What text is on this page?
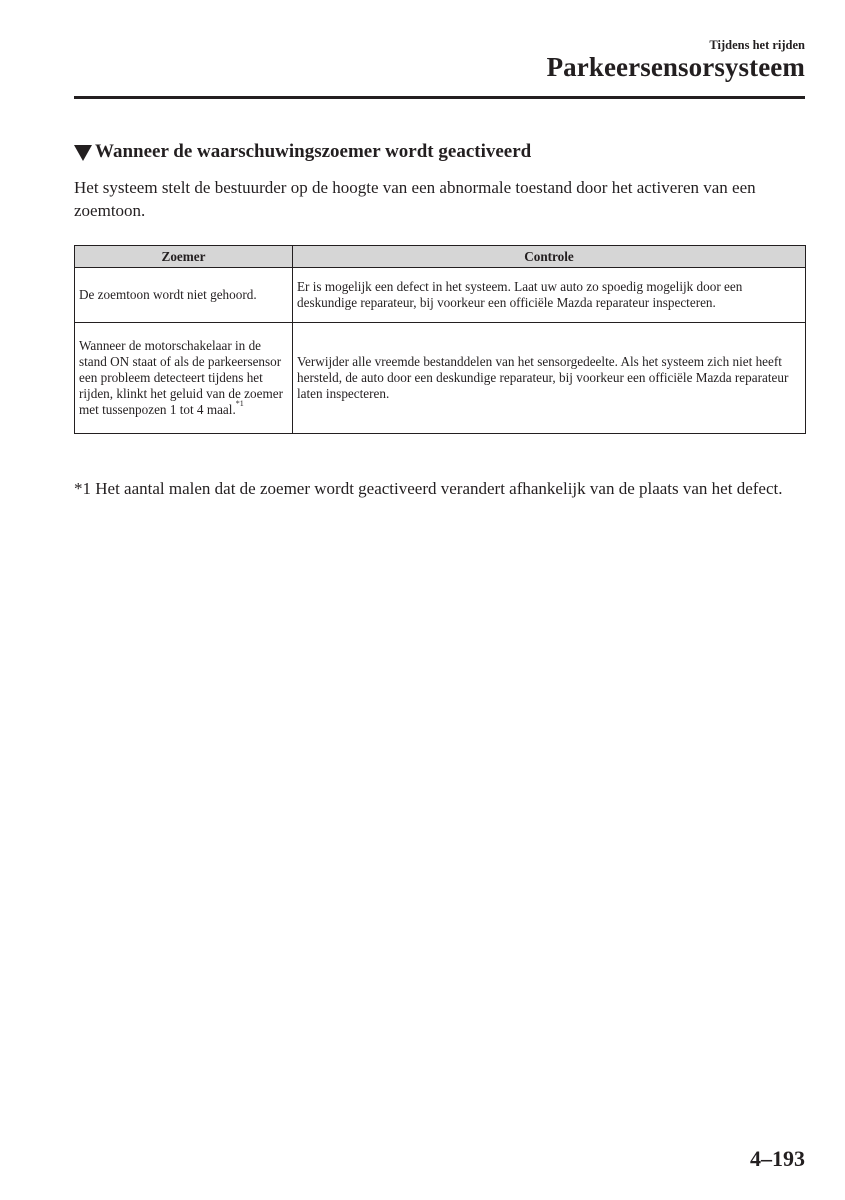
Tijdens het rijden
Parkeersensorsysteem
Wanneer de waarschuwingszoemer wordt geactiveerd
Het systeem stelt de bestuurder op de hoogte van een abnormale toestand door het activeren van een zoemtoon.
Zoemer	Controle
De zoemtoon wordt niet gehoord.	Er is mogelijk een defect in het systeem. Laat uw auto zo spoedig mogelijk door een deskundige reparateur, bij voorkeur een officiële Mazda reparateur inspecteren.
Wanneer de motorschakelaar in de stand ON staat of als de parkeersensor een probleem detecteert tijdens het rijden, klinkt het geluid van de zoemer met tussenpozen 1 tot 4 maal.$^{*1}$	Verwijder alle vreemde bestanddelen van het sensorgedeelte. Als het systeem zich niet heeft hersteld, de auto door een deskundige reparateur, bij voorkeur een officiële Mazda reparateur laten inspecteren.
*1 Het aantal malen dat de zoemer wordt geactiveerd verandert afhankelijk van de plaats van het defect.
4–193
